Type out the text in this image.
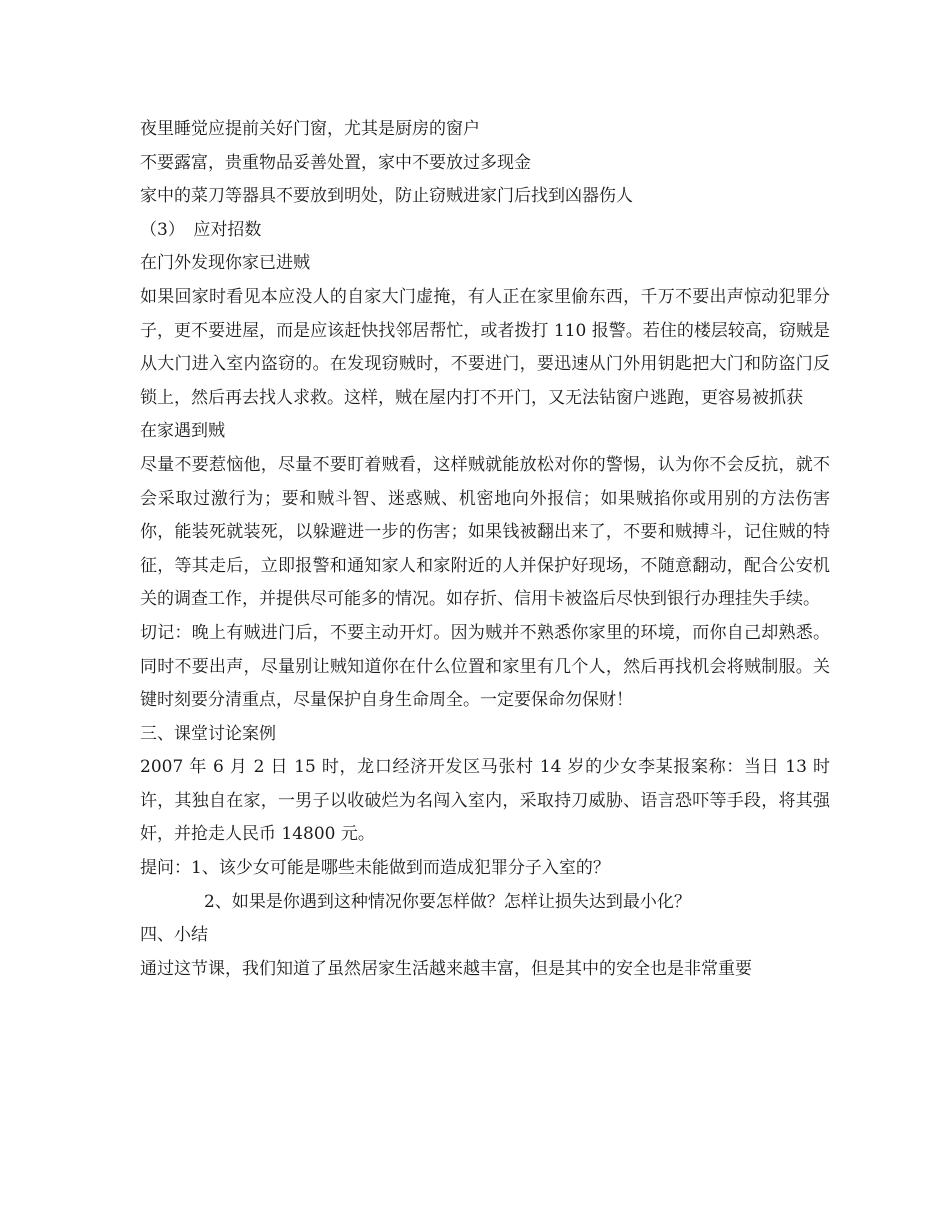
夜里睡觉应提前关好门窗，尤其是厨房的窗户

不要露富，贵重物品妥善处置，家中不要放过多现金

家中的菜刀等器具不要放到明处，防止窃贼进家门后找到凶器伤人

（3）　应对招数

在门外发现你家已进贼

如果回家时看见本应没人的自家大门虚掩，有人正在家里偷东西，千万不要出声惊动犯罪分子，更不要进屋，而是应该赶快找邻居帮忙，或者拨打 110 报警。若住的楼层较高，窃贼是从大门进入室内盗窃的。在发现窃贼时，不要进门，要迅速从门外用钥匙把大门和防盗门反锁上，然后再去找人求救。这样，贼在屋内打不开门，又无法钻窗户逃跑，更容易被抓获

在家遇到贼

尽量不要惹恼他，尽量不要盯着贼看，这样贼就能放松对你的警惕，认为你不会反抗，就不会采取过激行为；要和贼斗智、迷惑贼、机密地向外报信；如果贼掐你或用别的方法伤害你，能装死就装死，以躲避进一步的伤害；如果钱被翻出来了，不要和贼搏斗，记住贼的特征，等其走后，立即报警和通知家人和家附近的人并保护好现场，不随意翻动，配合公安机关的调查工作，并提供尽可能多的情况。如存折、信用卡被盗后尽快到银行办理挂失手续。

切记：晚上有贼进门后，不要主动开灯。因为贼并不熟悉你家里的环境，而你自己却熟悉。同时不要出声，尽量别让贼知道你在什么位置和家里有几个人，然后再找机会将贼制服。关键时刻要分清重点，尽量保护自身生命周全。一定要保命勿保财！

三、课堂讨论案例

2007 年 6 月 2 日 15 时，龙口经济开发区马张村 14 岁的少女李某报案称：当日 13 时许，其独自在家，一男子以收破烂为名闯入室内，采取持刀威胁、语言恐吓等手段，将其强奸，并抢走人民币 14800 元。

提问：1、该少女可能是哪些未能做到而造成犯罪分子入室的？

2、如果是你遇到这种情况你要怎样做？怎样让损失达到最小化？

四、小结

通过这节课，我们知道了虽然居家生活越来越丰富，但是其中的安全也是非常重要
